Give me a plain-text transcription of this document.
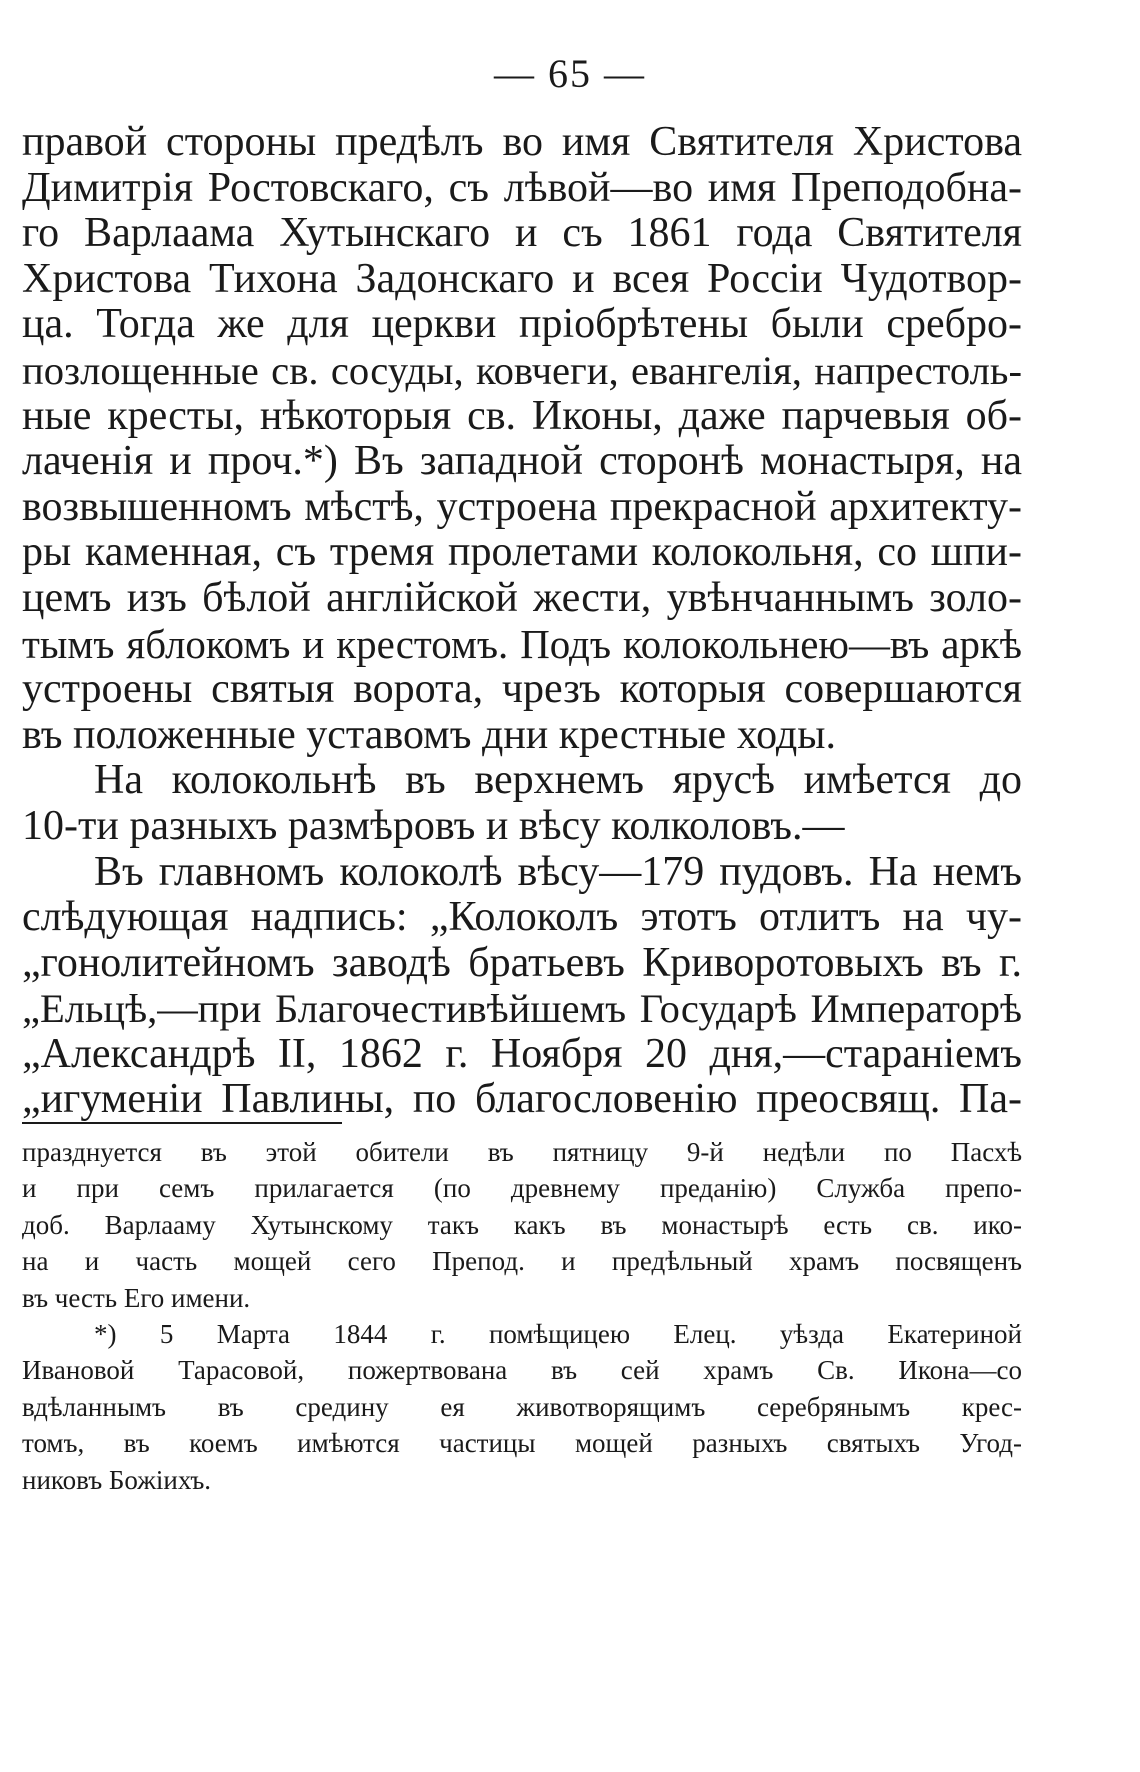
— 65 —
правой стороны предѣлъ во имя Святителя Христова
Димитрія Ростовскаго, съ лѣвой—во имя Преподобна-
го Варлаама Хутынскаго и съ 1861 года Святителя
Христова Тихона Задонскаго и всея Россіи Чудотвор-
ца. Тогда же для церкви пріобрѣтены были сребро-
позлощенные св. сосуды, ковчеги, евангелія, напрестоль-
ные кресты, нѣкоторыя св. Иконы, даже парчевыя об-
лаченія и проч.*) Въ западной сторонѣ монастыря, на
возвышенномъ мѣстѣ, устроена прекрасной архитекту-
ры каменная, съ тремя пролетами колокольня, со шпи-
цемъ изъ бѣлой англійской жести, увѣнчаннымъ золо-
тымъ яблокомъ и крестомъ. Подъ колокольнею—въ аркѣ
устроены святыя ворота, чрезъ которыя совершаются
въ положенные уставомъ дни крестные ходы.
На колокольнѣ въ верхнемъ ярусѣ имѣется до
10-ти разныхъ размѣровъ и вѣсу колколовъ.—
Въ главномъ колоколѣ вѣсу—179 пудовъ. На немъ
слѣдующая надпись: „Колоколъ этотъ отлитъ на чу-
„гонолитейномъ заводѣ братьевъ Криворотовыхъ въ г.
„Ельцѣ,—при Благочестивѣйшемъ Государѣ Императорѣ
„Александрѣ II, 1862 г. Ноября 20 дня,—стараніемъ
„игуменіи Павлины, по благословенію преосвящ. Па-
празднуется въ этой обители въ пятницу 9-й недѣли по Пасхѣ
и при семъ прилагается (по древнему преданію) Служба препо-
доб. Варлааму Хутынскому такъ какъ въ монастырѣ есть св. ико-
на и часть мощей сего Препод. и предѣльный храмъ посвященъ
въ честь Его имени.
*) 5 Марта 1844 г. помѣщицею Елец. уѣзда Екатериной
Ивановой Тарасовой, пожертвована въ сей храмъ Св. Икона—со
вдѣланнымъ въ средину ея животворящимъ серебрянымъ крес-
томъ, въ коемъ имѣются частицы мощей разныхъ святыхъ Угод-
никовъ Божіихъ.
